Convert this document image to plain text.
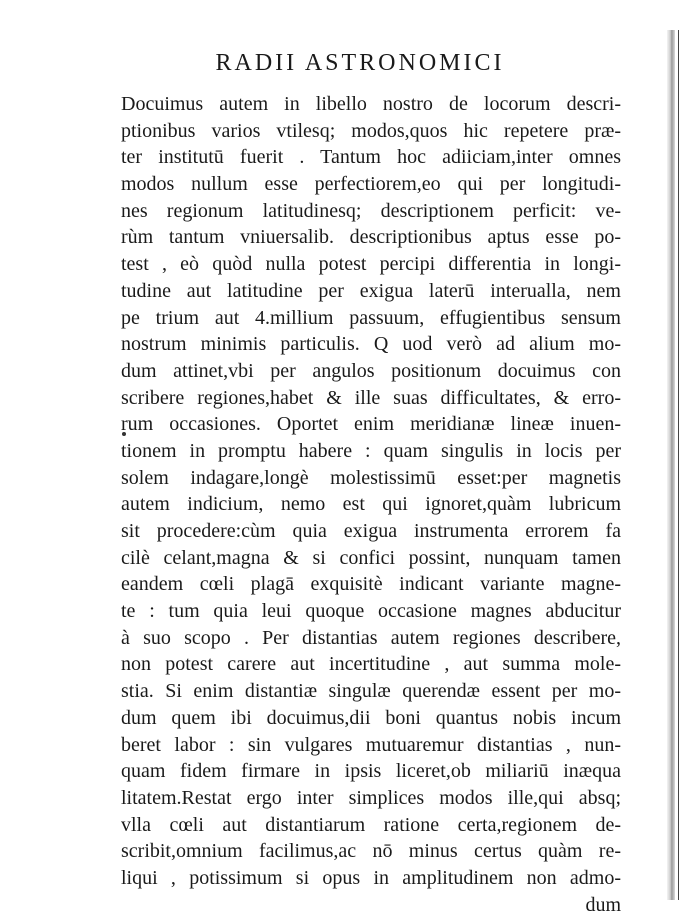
RADII ASTRONOMICI
Docuimus autem in libello nostro de locorum descri-
ptionibus varios vtilesq; modos,quos hic repetere præ-
ter institutū fuerit . Tantum hoc adiiciam,inter omnes
modos nullum esse perfectiorem,eo qui per longitudi-
nes regionum latitudinesq; descriptionem perficit: ve-
rùm tantum vniuersalib. descriptionibus aptus esse po-
test , eò quòd nulla potest percipi differentia in longi-
tudine aut latitudine per exigua laterū interualla, nem
pe trium aut 4.millium passuum, effugientibus sensum
nostrum minimis particulis. Q uod verò ad alium mo-
dum attinet,vbi per angulos positionum docuimus con
scribere regiones,habet & ille suas difficultates, & erro-
rum occasiones. Oportet enim meridianæ lineæ inuen-
tionem in promptu habere : quam singulis in locis per
solem indagare,longè molestissimū esset:per magnetis
autem indicium, nemo est qui ignoret,quàm lubricum
sit procedere:cùm quia exigua instrumenta errorem fa
cilè celant,magna & si confici possint, nunquam tamen
eandem cœli plagā exquisitè indicant variante magne-
te : tum quia leui quoque occasione magnes abducitur
à suo scopo . Per distantias autem regiones describere,
non potest carere aut incertitudine , aut summa mole-
stia. Si enim distantiæ singulæ querendæ essent per mo-
dum quem ibi docuimus,dii boni quantus nobis incum
beret labor : sin vulgares mutuaremur distantias , nun-
quam fidem firmare in ipsis liceret,ob miliariū inæqua
litatem.Restat ergo inter simplices modos ille,qui absq;
vlla cœli aut distantiarum ratione certa,regionem de-
scribit,omnium facilimus,ac nō minus certus quàm re-
liqui , potissimum si opus in amplitudinem non admo-
dum
